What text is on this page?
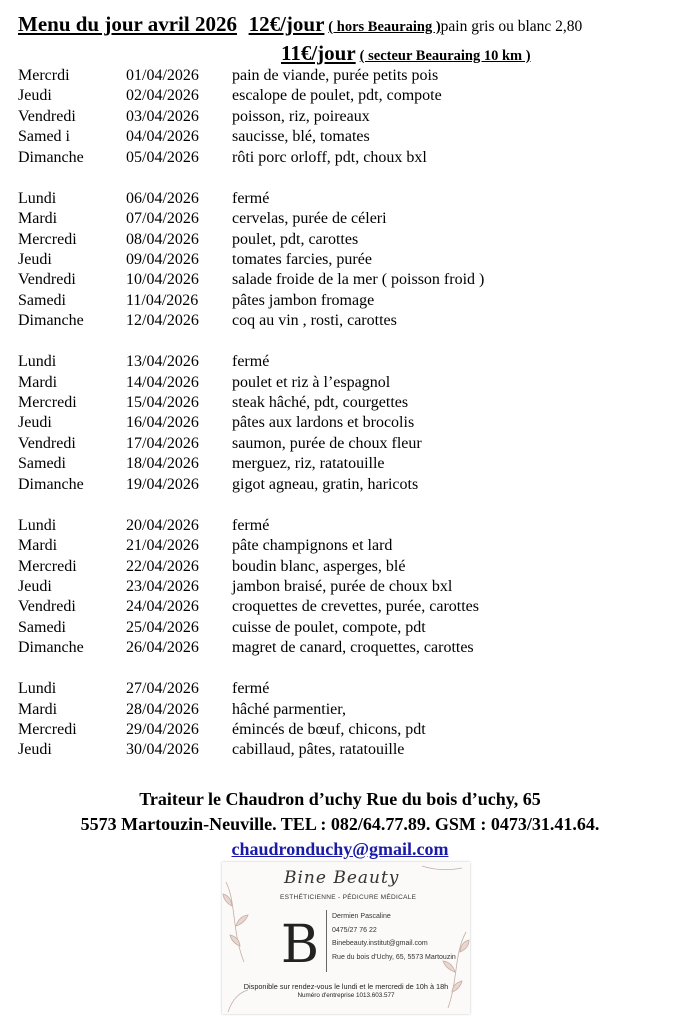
Menu du jour avril 2026 12€/jour ( hors Beauraing )pain gris ou blanc 2,80
11€/jour ( secteur Beauraing 10 km )
Mercrdi	01/04/2026 pain de viande, purée petits pois
Jeudi	02/04/2026 escalope de poulet, pdt, compote
Vendredi	03/04/2026 poisson, riz, poireaux
Samed i	04/04/2026 saucisse, blé, tomates
Dimanche	05/04/2026 rôti porc orloff, pdt, choux bxl
Lundi	06/04/2026 fermé
Mardi	07/04/2026 cervelas, purée de céleri
Mercredi	08/04/2026 poulet, pdt, carottes
Jeudi	09/04/2026 tomates farcies, purée
Vendredi	10/04/2026 salade froide de la mer ( poisson froid )
Samedi	11/04/2026 pâtes jambon fromage
Dimanche	12/04/2026 coq au vin , rosti, carottes
Lundi	13/04/2026 fermé
Mardi	14/04/2026 poulet et riz à l’espagnol
Mercredi	15/04/2026 steak hâché, pdt, courgettes
Jeudi	16/04/2026 pâtes aux lardons et brocolis
Vendredi	17/04/2026 saumon, purée de choux fleur
Samedi	18/04/2026 merguez, riz, ratatouille
Dimanche	19/04/2026 gigot agneau, gratin, haricots
Lundi	20/04/2026 fermé
Mardi	21/04/2026 pâte champignons et lard
Mercredi	22/04/2026 boudin blanc, asperges, blé
Jeudi	23/04/2026 jambon braisé, purée de choux bxl
Vendredi	24/04/2026 croquettes de crevettes, purée, carottes
Samedi	25/04/2026 cuisse de poulet, compote, pdt
Dimanche	26/04/2026 magret de canard, croquettes, carottes
Lundi	27/04/2026 fermé
Mardi	28/04/2026 hâché parmentier,
Mercredi	29/04/2026 émincés de bœuf, chicons, pdt
Jeudi	30/04/2026 cabillaud, pâtes, ratatouille
Traiteur le Chaudron d’uchy Rue du bois d’uchy, 65
5573 Martouzin-Neuville. TEL : 082/64.77.89. GSM : 0473/31.41.64.
chaudronduchy@gmail.com
Bine Beauty
ESTHÉTICIENNE - PÉDICURE MÉDICALE
B Dermien Pascaline
0475/27 76 22
Binebeauty.institut@gmail.com
Rue du bois d'Uchy, 65, 5573 Martouzin
Disponible sur rendez-vous le lundi et le mercredi de 10h à 18h
Numéro d'entreprise 1013.603.577
